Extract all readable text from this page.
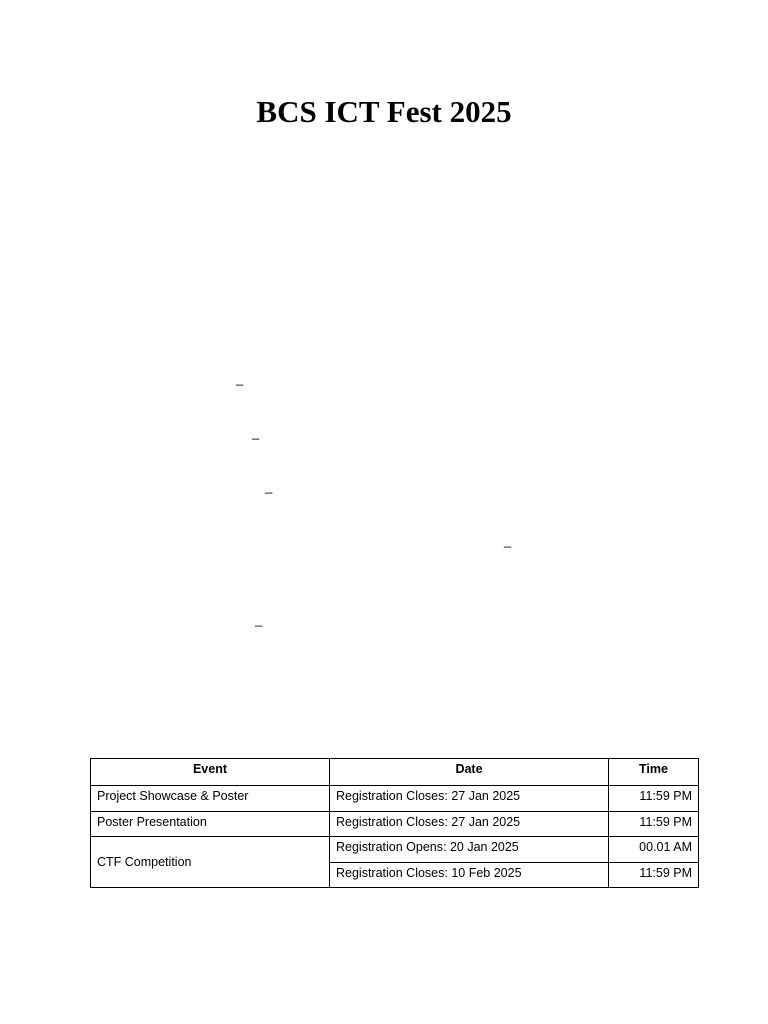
BCS ICT Fest 2025
_
_
_
_
_
Event	Date	Time
Project Showcase & Poster	Registration Closes: 27 Jan 2025	11:59 PM
Poster Presentation	Registration Closes: 27 Jan 2025	11:59 PM
CTF Competition	Registration Opens: 20 Jan 2025	00.01 AM
	Registration Closes: 10 Feb 2025	11:59 PM
